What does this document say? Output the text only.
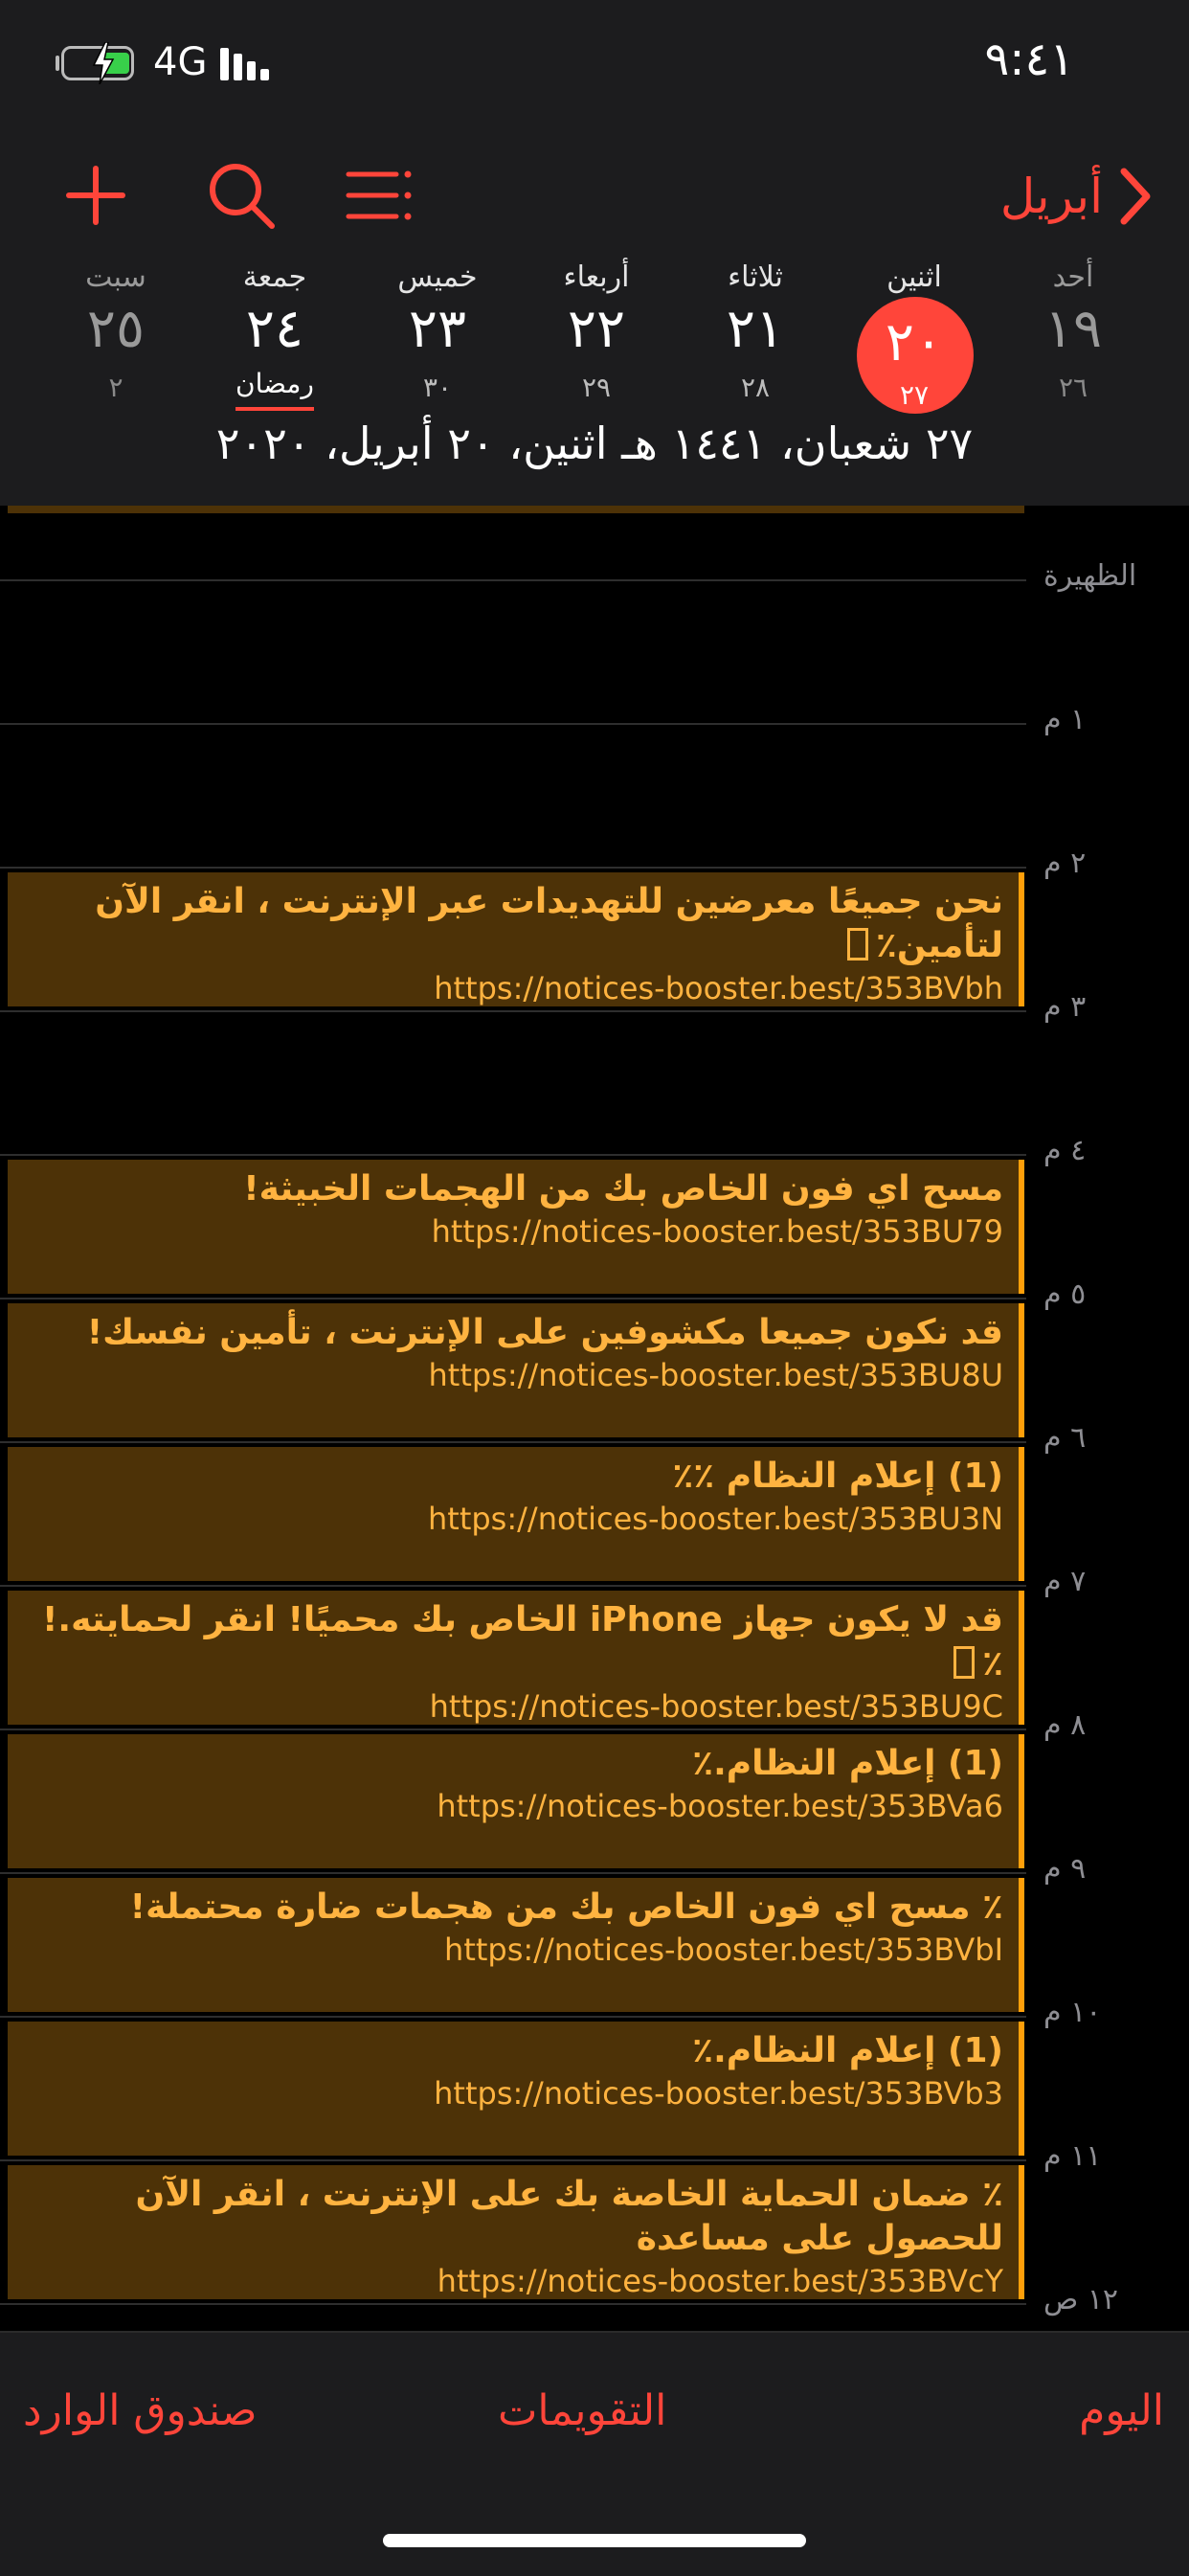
4G	٩:٤١
أبريل
أحد
١٩
٢٦
اثنين
٢٠
٢٧
ثلاثاء
٢١
٢٨
أربعاء
٢٢
٢٩
خميس
٢٣
٣٠
جمعة
٢٤
رمضان
سبت
٢٥
٢
٢٧ شعبان، ١٤٤١ هـ اثنين، ٢٠ أبريل، ٢٠٢٠
الظهيرة
١ م
٢ م
٣ م
٤ م
٥ م
٦ م
٧ م
٨ م
٩ م
١٠ م
١١ م
١٢ ص
نحن جميعًا معرضين للتهديدات عبر الإنترنت ، انقر الآن لتأمين٪
https://notices-booster.best/353BVbh
مسح اي فون الخاص بك من الهجمات الخبيثة!
https://notices-booster.best/353BU79
قد نكون جميعا مكشوفين على الإنترنت ، تأمين نفسك!
https://notices-booster.best/353BU8U
(1) إعلام النظام ٪٪
https://notices-booster.best/353BU3N
قد لا يكون جهاز iPhone الخاص بك محميًا! انقر لحمايته.! ٪
https://notices-booster.best/353BU9C
(1) إعلام النظام.٪
https://notices-booster.best/353BVa6
٪ مسح اي فون الخاص بك من هجمات ضارة محتملة!
https://notices-booster.best/353BVbI
(1) إعلام النظام.٪
https://notices-booster.best/353BVb3
٪ ضمان الحماية الخاصة بك على الإنترنت ، انقر الآن للحصول على مساعدة
https://notices-booster.best/353BVcY
اليوم
التقويمات
صندوق الوارد
